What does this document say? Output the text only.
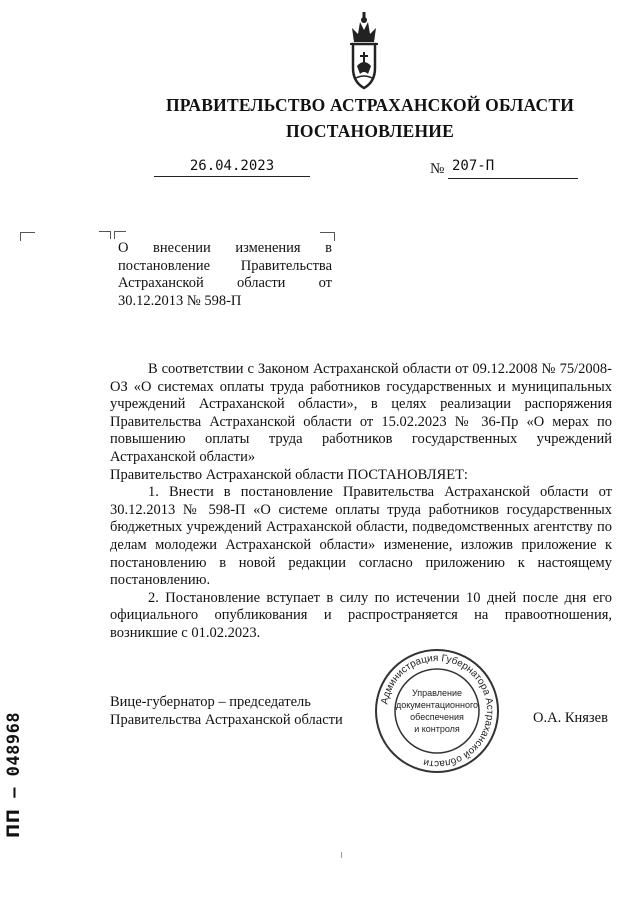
ПРАВИТЕЛЬСТВО АСТРАХАНСКОЙ ОБЛАСТИ
ПОСТАНОВЛЕНИЕ
26.04.2023	№ 207-П
О внесении изменения в постановление Правительства Астраханской области от 30.12.2013 № 598-П

В соответствии с Законом Астраханской области от 09.12.2008 № 75/2008-ОЗ «О системах оплаты труда работников государственных и муниципальных учреждений Астраханской области», в целях реализации распоряжения Правительства Астраханской области от 15.02.2023 № 36-Пр «О мерах по повышению оплаты труда работников государственных учреждений Астраханской области»

Правительство Астраханской области ПОСТАНОВЛЯЕТ:

1. Внести в постановление Правительства Астраханской области от 30.12.2013 № 598-П «О системе оплаты труда работников государственных бюджетных учреждений Астраханской области, подведомственных агентству по делам молодежи Астраханской области» изменение, изложив приложение к постановлению в новой редакции согласно приложению к настоящему постановлению.

2. Постановление вступает в силу по истечении 10 дней после дня его официального опубликования и распространяется на правоотношения, возникшие с 01.02.2023.

Вице-губернатор – председатель
Правительства Астраханской области	О.А. Князев
Администрация Губернатора Астраханской области
Управление
документационного
обеспечения
и контроля
ПП – 048968
